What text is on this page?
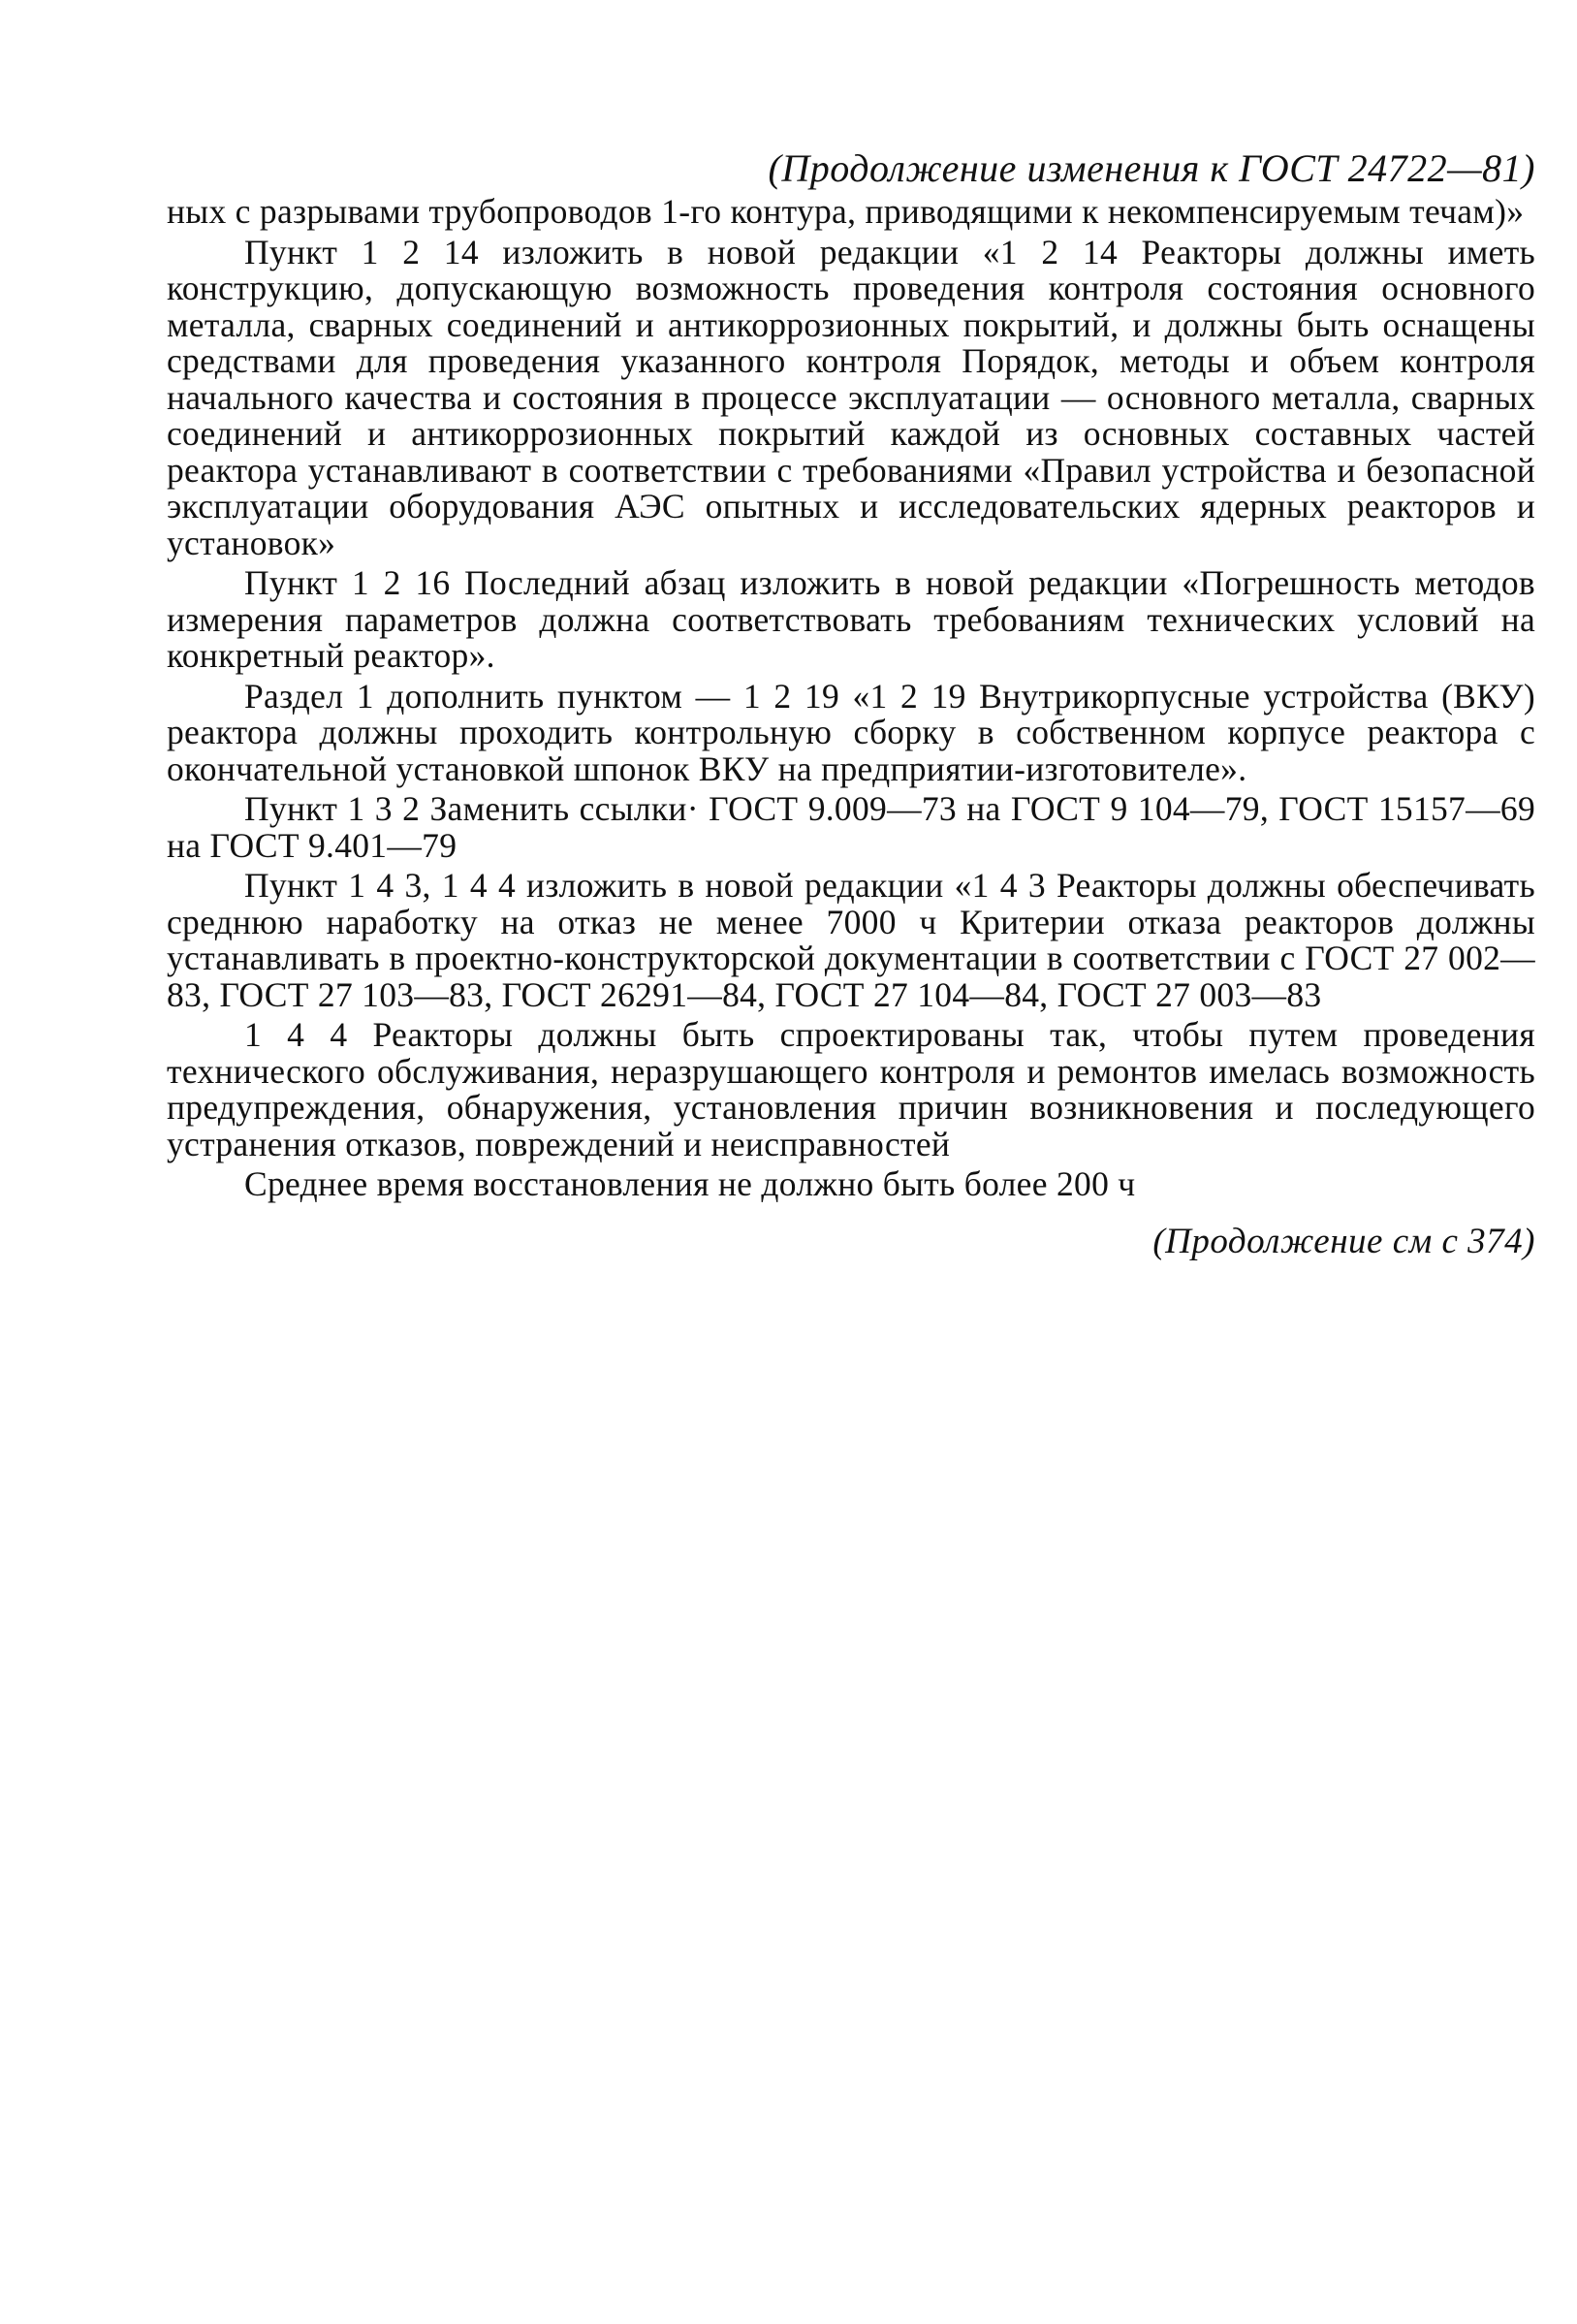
(Продолжение изменения к ГОСТ 24722—81)

ных с разрывами трубопроводов 1-го контура, приводящими к некомпенсируемым течам)»

Пункт 1 2 14 изложить в новой редакции «1 2 14 Реакторы должны иметь конструкцию, допускающую возможность проведения контроля состояния основного металла, сварных соединений и антикоррозионных покрытий, и должны быть оснащены средствами для проведения указанного контроля Порядок, методы и объем контроля начального качества и состояния в процессе эксплуатации — основного металла, сварных соединений и антикоррозионных покрытий каждой из основных составных частей реактора устанавливают в соответствии с требованиями «Правил устройства и безопасной эксплуатации оборудования АЭС опытных и исследовательских ядерных реакторов и установок»

Пункт 1 2 16 Последний абзац изложить в новой редакции «Погрешность методов измерения параметров должна соответствовать требованиям технических условий на конкретный реактор».

Раздел 1 дополнить пунктом — 1 2 19 «1 2 19 Внутрикорпусные устройства (ВКУ) реактора должны проходить контрольную сборку в собственном корпусе реактора с окончательной установкой шпонок ВКУ на предприятии-изготовителе».

Пункт 1 3 2 Заменить ссылки· ГОСТ 9.009—73 на ГОСТ 9 104—79, ГОСТ 15157—69 на ГОСТ 9.401—79

Пункт 1 4 3, 1 4 4 изложить в новой редакции «1 4 3 Реакторы должны обеспечивать среднюю наработку на отказ не менее 7000 ч Критерии отказа реакторов должны устанавливать в проектно-конструкторской документации в соответствии с ГОСТ 27 002—83, ГОСТ 27 103—83, ГОСТ 26291—84, ГОСТ 27 104—84, ГОСТ 27 003—83

1 4 4 Реакторы должны быть спроектированы так, чтобы путем проведения технического обслуживания, неразрушающего контроля и ремонтов имелась возможность предупреждения, обнаружения, установления причин возникновения и последующего устранения отказов, повреждений и неисправностей

Среднее время восстановления не должно быть более 200 ч

(Продолжение см с 374)
